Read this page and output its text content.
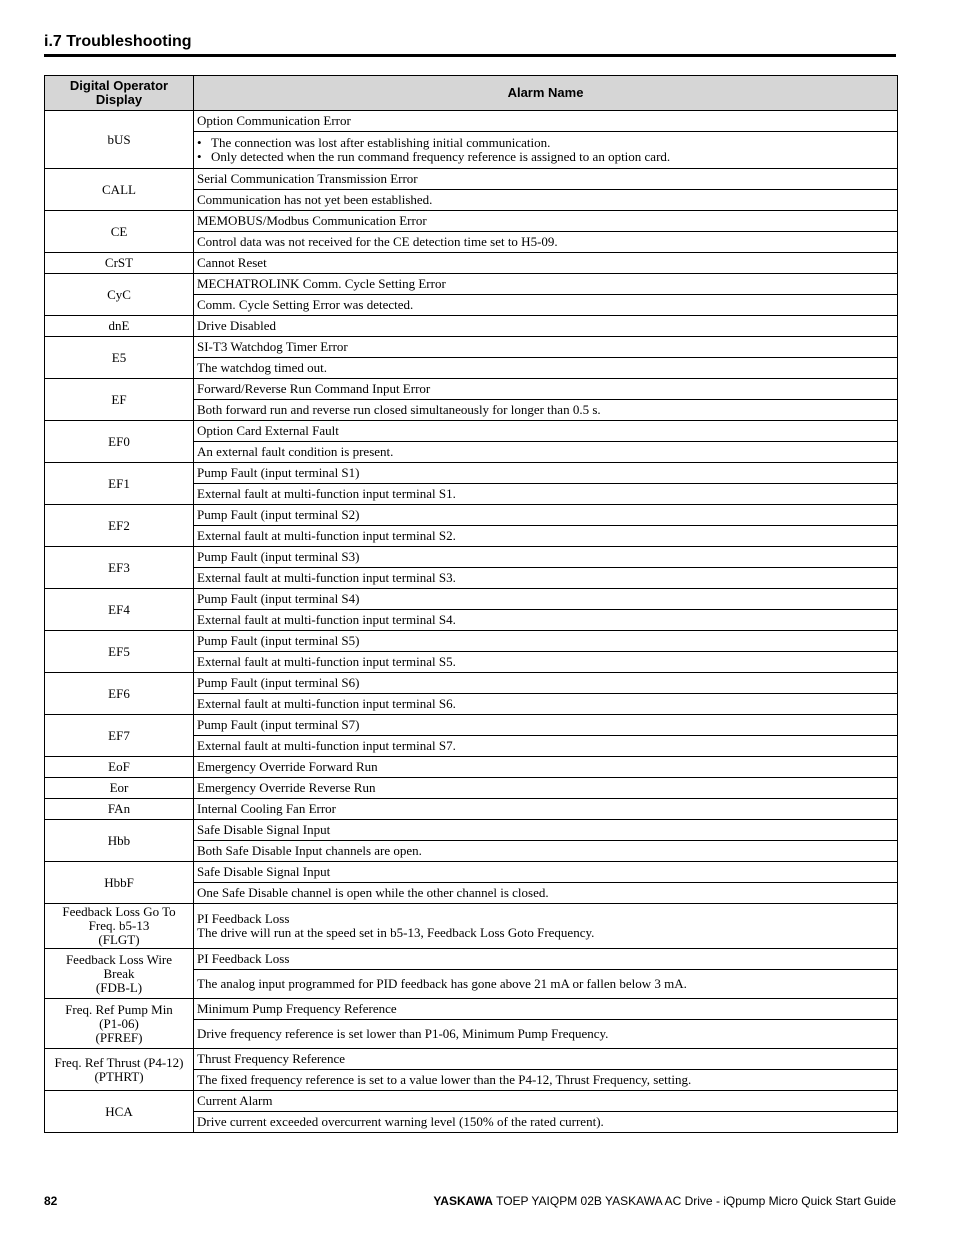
i.7 Troubleshooting
Digital Operator Display	Alarm Name
bUS	Option Communication Error

	• The connection was lost after establishing initial communication.
• Only detected when the run command frequency reference is assigned to an option card.

CALL	Serial Communication Transmission Error
	Communication has not yet been established.
CE	MEMOBUS/Modbus Communication Error
	Control data was not received for the CE detection time set to H5-09.
CrST	Cannot Reset
CyC	MECHATROLINK Comm. Cycle Setting Error
	Comm. Cycle Setting Error was detected.
dnE	Drive Disabled
E5	SI-T3 Watchdog Timer Error
	The watchdog timed out.
EF	Forward/Reverse Run Command Input Error
	Both forward run and reverse run closed simultaneously for longer than 0.5 s.
EF0	Option Card External Fault
	An external fault condition is present.
EF1	Pump Fault (input terminal S1)
	External fault at multi-function input terminal S1.
EF2	Pump Fault (input terminal S2)
	External fault at multi-function input terminal S2.
EF3	Pump Fault (input terminal S3)
	External fault at multi-function input terminal S3.
EF4	Pump Fault (input terminal S4)
	External fault at multi-function input terminal S4.
EF5	Pump Fault (input terminal S5)
	External fault at multi-function input terminal S5.
EF6	Pump Fault (input terminal S6)
	External fault at multi-function input terminal S6.
EF7	Pump Fault (input terminal S7)
	External fault at multi-function input terminal S7.
EoF	Emergency Override Forward Run
Eor	Emergency Override Reverse Run
FAn	Internal Cooling Fan Error
Hbb	Safe Disable Signal Input
	Both Safe Disable Input channels are open.
HbbF	Safe Disable Signal Input
	One Safe Disable channel is open while the other channel is closed.

Feedback Loss Go To
Freq. b5-13
(FLGT)	PI Feedback Loss
The drive will run at the speed set in b5-13, Feedback Loss Goto Frequency.

Feedback Loss Wire
Break
(FDB-L)	PI Feedback Loss
	The analog input programmed for PID feedback has gone above 21 mA or fallen below 3 mA.

Freq. Ref Pump Min
(P1-06)
(PFREF)	Minimum Pump Frequency Reference
	Drive frequency reference is set lower than P1-06, Minimum Pump Frequency.

Freq. Ref Thrust (P4-12)
(PTHRT)	Thrust Frequency Reference
	The fixed frequency reference is set to a value lower than the P4-12, Thrust Frequency, setting.
HCA	Current Alarm
	Drive current exceeded overcurrent warning level (150% of the rated current).
82	YASKAWA TOEP YAIQPM 02B YASKAWA AC Drive - iQpump Micro Quick Start Guide
